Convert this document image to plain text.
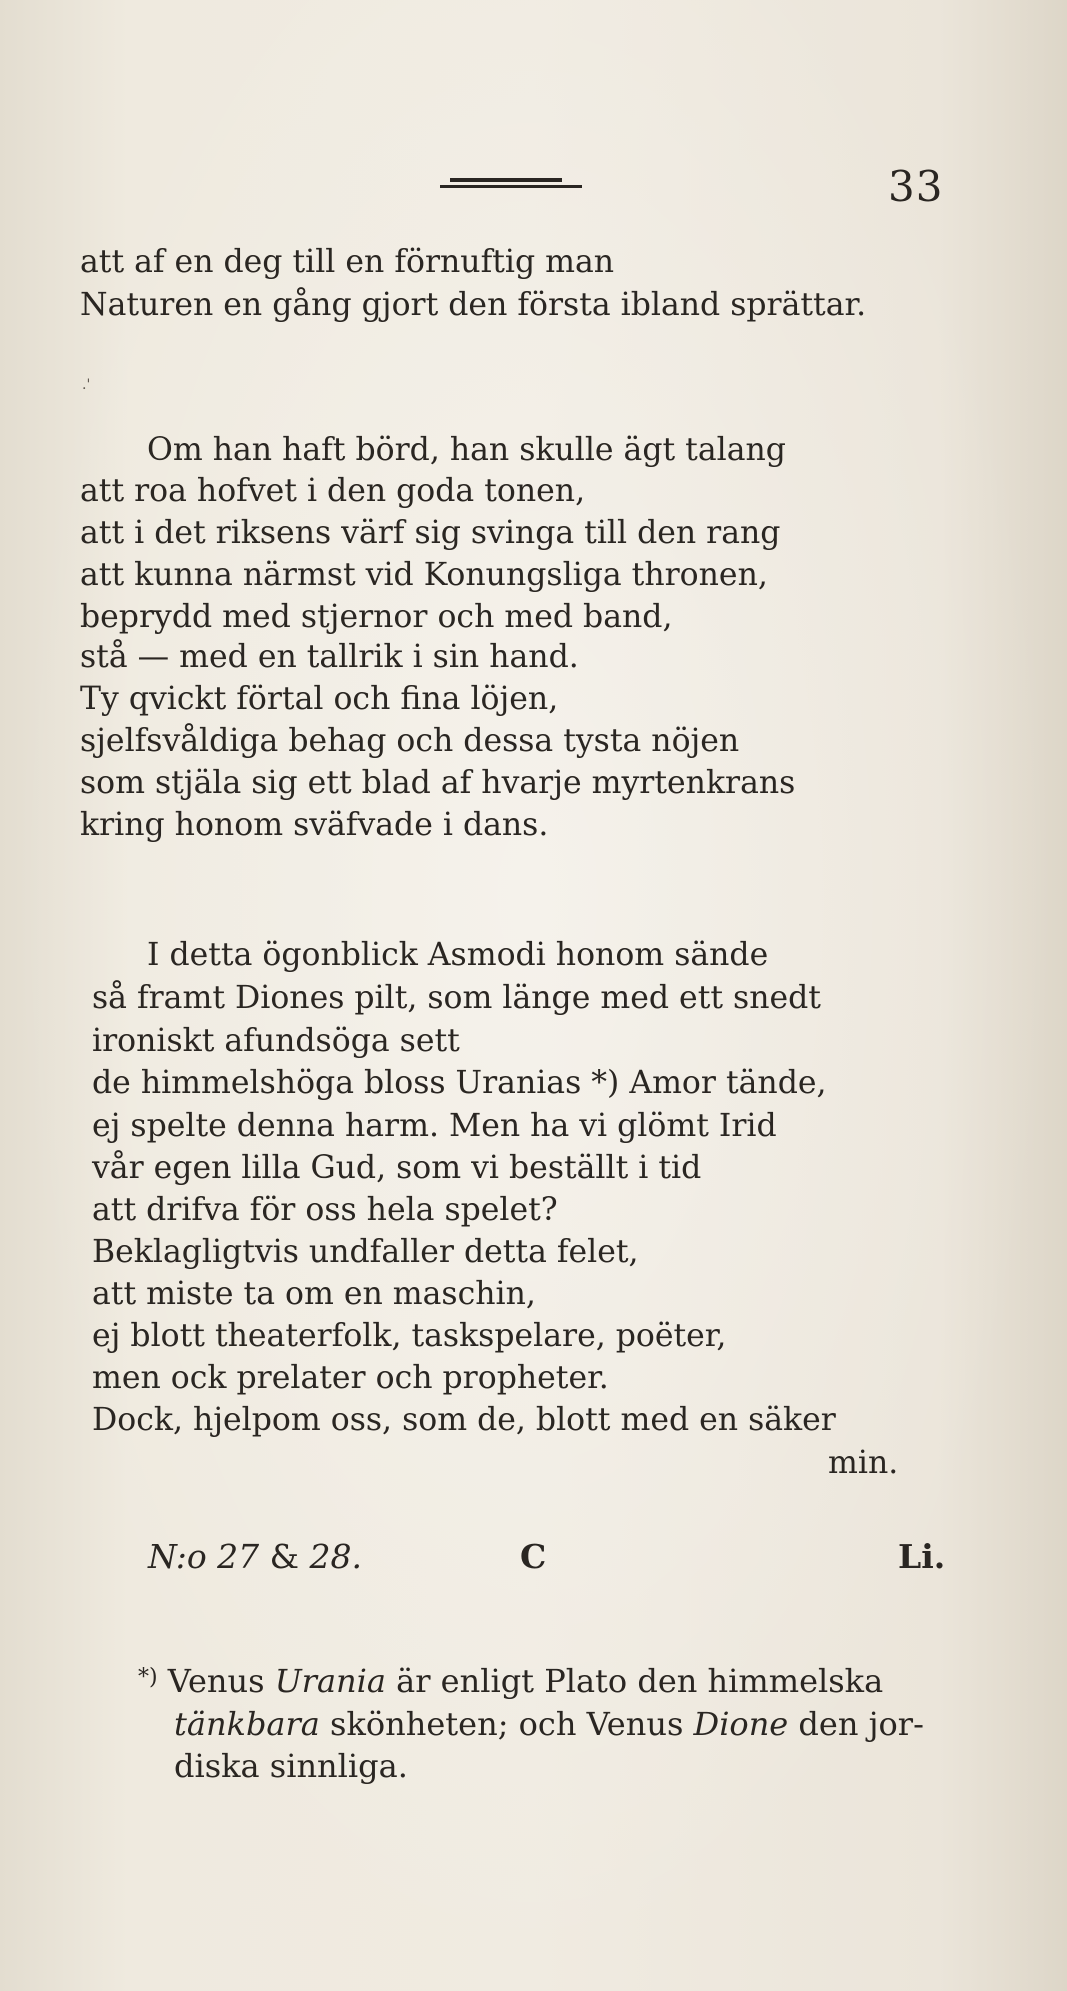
33
att af en deg till en förnuftig man
Naturen en gång gjort den första ibland sprättar.
.'
Om han haft börd, han skulle ägt talang
att roa hofvet i den goda tonen,
att i det riksens värf sig svinga till den rang
att kunna närmst vid Konungsliga thronen,
beprydd med stjernor och med band,
stå — med en tallrik i sin hand.
Ty qvickt förtal och fina löjen,
sjelfsvåldiga behag och dessa tysta nöjen
som stjäla sig ett blad af hvarje myrtenkrans
kring honom sväfvade i dans.
I detta ögonblick Asmodi honom sände
så framt Diones pilt, som länge med ett snedt
ironiskt afundsöga sett
de himmelshöga bloss Uranias *) Amor tände,
ej spelte denna harm. Men ha vi glömt Irid
vår egen lilla Gud, som vi beställt i tid
att drifva för oss hela spelet?
Beklagligtvis undfaller detta felet,
att miste ta om en maschin,
ej blott theaterfolk, taskspelare, poëter,
men ock prelater och propheter.
Dock, hjelpom oss, som de, blott med en säker
min.
N:o 27 & 28.	C	Li.
*) Venus Urania är enligt Plato den himmelska
tänkbara skönheten; och Venus Dione den jor-
diska sinnliga.
